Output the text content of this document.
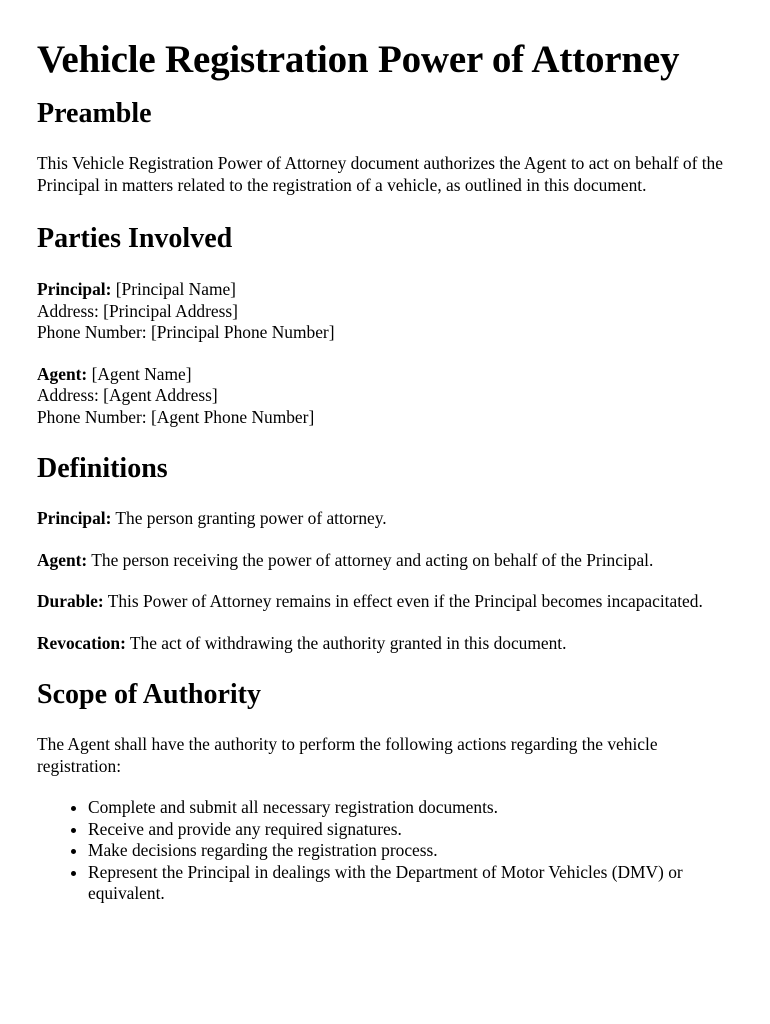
Vehicle Registration Power of Attorney
Preamble

This Vehicle Registration Power of Attorney document authorizes the Agent to act on behalf of the Principal in matters related to the registration of a vehicle, as outlined in this document.

Parties Involved

Principal: [Principal Name]
Address: [Principal Address]
Phone Number: [Principal Phone Number]

Agent: [Agent Name]
Address: [Agent Address]
Phone Number: [Agent Phone Number]

Definitions

Principal: The person granting power of attorney.

Agent: The person receiving the power of attorney and acting on behalf of the Principal.

Durable: This Power of Attorney remains in effect even if the Principal becomes incapacitated.

Revocation: The act of withdrawing the authority granted in this document.

Scope of Authority

The Agent shall have the authority to perform the following actions regarding the vehicle registration:

• Complete and submit all necessary registration documents.
• Receive and provide any required signatures.
• Make decisions regarding the registration process.
• Represent the Principal in dealings with the Department of Motor Vehicles (DMV) or equivalent.
